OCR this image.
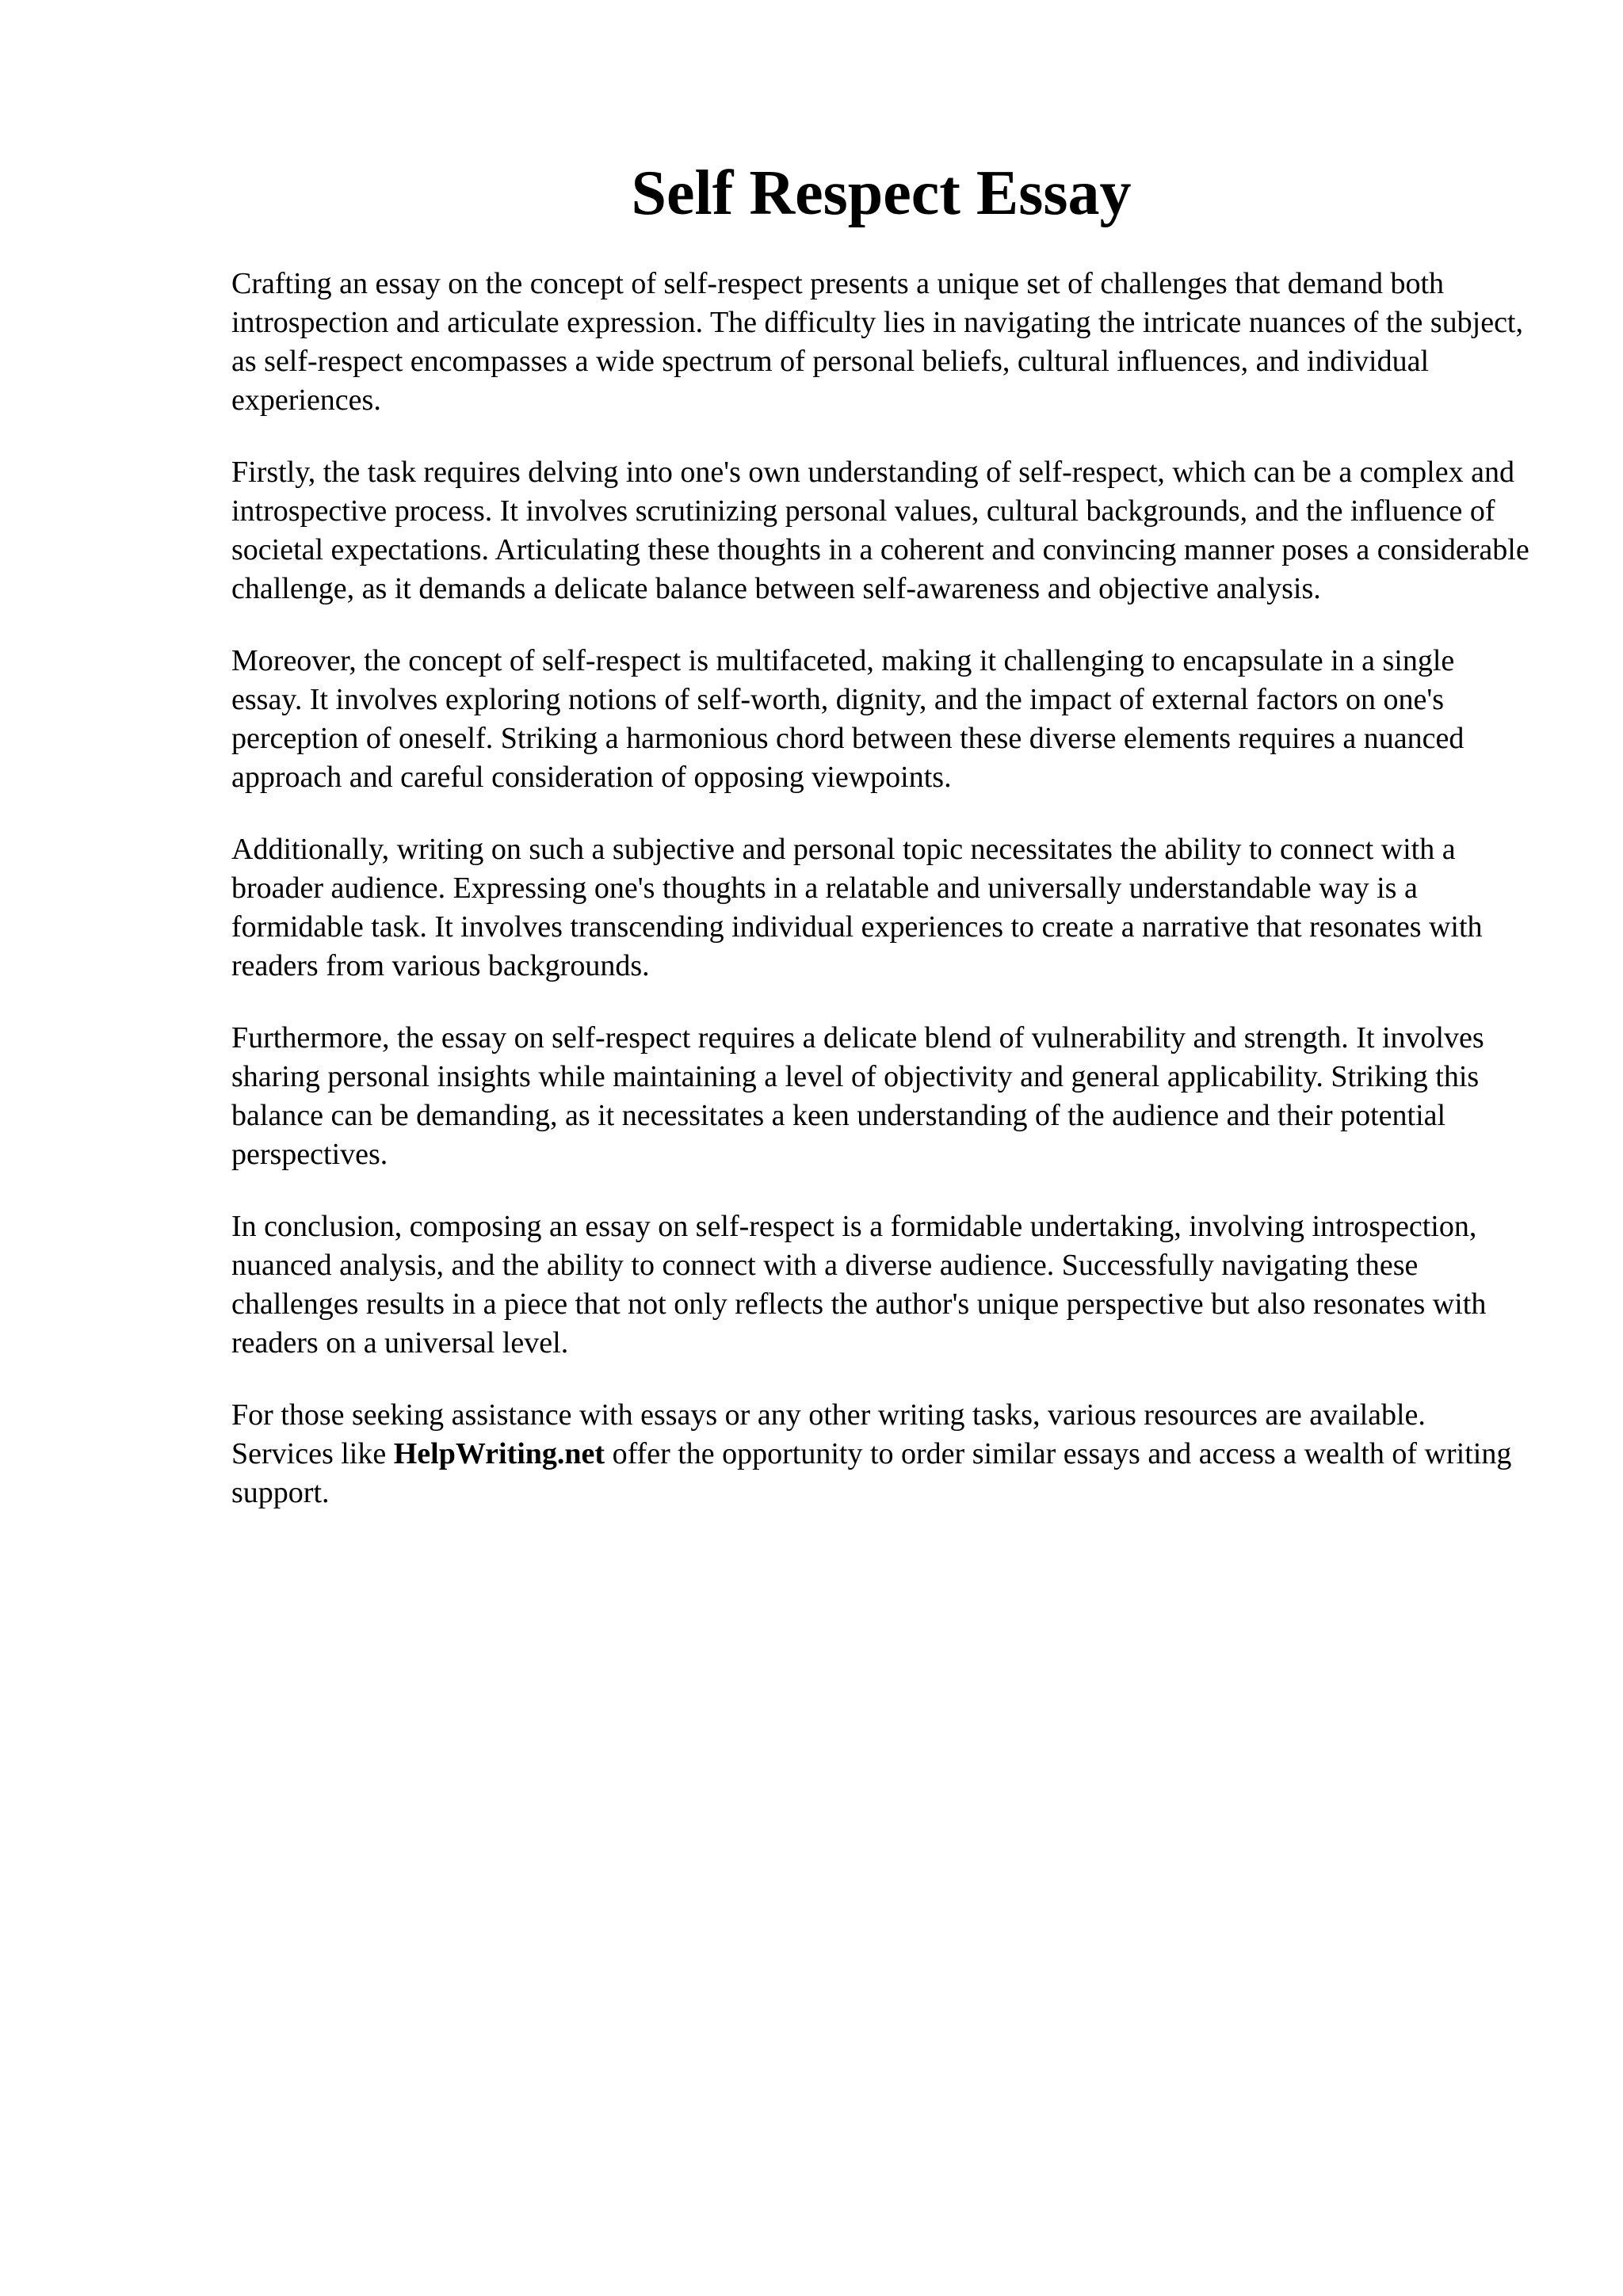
Self Respect Essay

Crafting an essay on the concept of self-respect presents a unique set of challenges that demand both introspection and articulate expression. The difficulty lies in navigating the intricate nuances of the subject, as self-respect encompasses a wide spectrum of personal beliefs, cultural influences, and individual experiences.

Firstly, the task requires delving into one's own understanding of self-respect, which can be a complex and introspective process. It involves scrutinizing personal values, cultural backgrounds, and the influence of societal expectations. Articulating these thoughts in a coherent and convincing manner poses a considerable challenge, as it demands a delicate balance between self-awareness and objective analysis.

Moreover, the concept of self-respect is multifaceted, making it challenging to encapsulate in a single essay. It involves exploring notions of self-worth, dignity, and the impact of external factors on one's perception of oneself. Striking a harmonious chord between these diverse elements requires a nuanced approach and careful consideration of opposing viewpoints.

Additionally, writing on such a subjective and personal topic necessitates the ability to connect with a broader audience. Expressing one's thoughts in a relatable and universally understandable way is a formidable task. It involves transcending individual experiences to create a narrative that resonates with readers from various backgrounds.

Furthermore, the essay on self-respect requires a delicate blend of vulnerability and strength. It involves sharing personal insights while maintaining a level of objectivity and general applicability. Striking this balance can be demanding, as it necessitates a keen understanding of the audience and their potential perspectives.

In conclusion, composing an essay on self-respect is a formidable undertaking, involving introspection, nuanced analysis, and the ability to connect with a diverse audience. Successfully navigating these challenges results in a piece that not only reflects the author's unique perspective but also resonates with readers on a universal level.

For those seeking assistance with essays or any other writing tasks, various resources are available. Services like HelpWriting.net offer the opportunity to order similar essays and access a wealth of writing support.
